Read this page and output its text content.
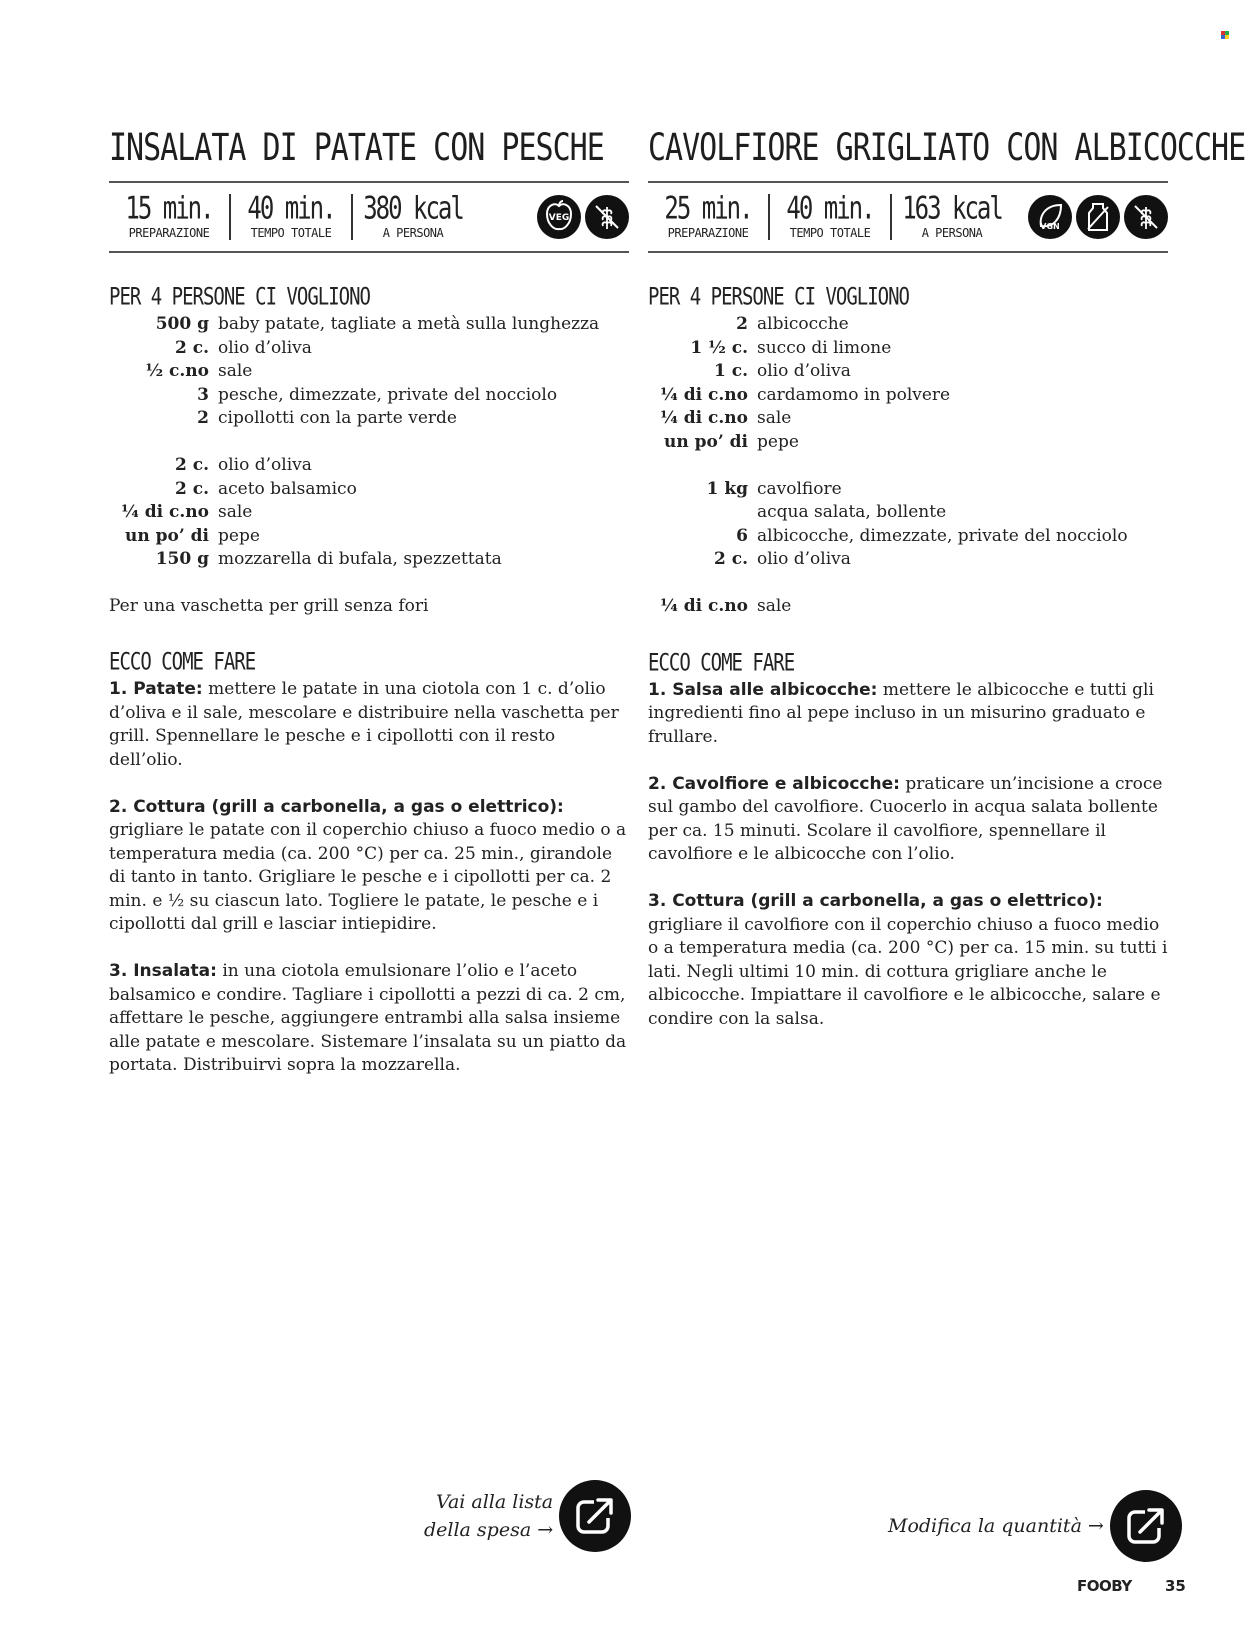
INSALATA DI PATATE CON PESCHE
15 min.
PREPARAZIONE
40 min.
TEMPO TOTALE
380 kcal
A PERSONA
VEG
PER 4 PERSONE CI VOGLIONO
500 g baby patate, tagliate a metà sulla lunghezza
2 c. olio d’oliva
½ c.no sale
3 pesche, dimezzate, private del nocciolo
2 cipollotti con la parte verde
2 c. olio d’oliva
2 c. aceto balsamico
¼ di c.no sale
un po’ di pepe
150 g mozzarella di bufala, spezzettata
Per una vaschetta per grill senza fori
ECCO COME FARE

1. Patate: mettere le patate in una ciotola con 1 c. d’olio d’oliva e il sale, mescolare e distribuire nella vaschetta per grill. Spennellare le pesche e i cipollotti con il resto dell’olio.

2. Cottura (grill a carbonella, a gas o elettrico): grigliare le patate con il coperchio chiuso a fuoco medio o a temperatura media (ca. 200 °C) per ca. 25 min., girandole di tanto in tanto. Grigliare le pesche e i cipollotti per ca. 2 min. e ½ su ciascun lato. Togliere le patate, le pesche e i cipollotti dal grill e lasciar intiepidire.

3. Insalata: in una ciotola emulsionare l’olio e l’aceto balsamico e condire. Tagliare i cipollotti a pezzi di ca. 2 cm, affettare le pesche, aggiungere entrambi alla salsa insieme alle patate e mescolare. Sistemare l’insalata su un piatto da portata. Distribuirvi sopra la mozzarella.

CAVOLFIORE GRIGLIATO CON ALBICOCCHE
25 min.
PREPARAZIONE
40 min.
TEMPO TOTALE
163 kcal
A PERSONA	VGN
PER 4 PERSONE CI VOGLIONO
2 albicocche
1 ½ c. succo di limone
1 c. olio d’oliva
¼ di c.no cardamomo in polvere
¼ di c.no sale
un po’ di pepe
1 kg cavolfiore
acqua salata, bollente
6 albicocche, dimezzate, private del nocciolo
2 c. olio d’oliva
¼ di c.no sale
ECCO COME FARE

1. Salsa alle albicocche: mettere le albicocche e tutti gli ingredienti fino al pepe incluso in un misurino graduato e frullare.

2. Cavolfiore e albicocche: praticare un’incisione a croce sul gambo del cavolfiore. Cuocerlo in acqua salata bollente per ca. 15 minuti. Scolare il cavolfiore, spennellare il cavolfiore e le albicocche con l’olio.

3. Cottura (grill a carbonella, a gas o elettrico): grigliare il cavolfiore con il coperchio chiuso a fuoco medio o a temperatura media (ca. 200 °C) per ca. 15 min. su tutti i lati. Negli ultimi 10 min. di cottura grigliare anche le albicocche. Impiattare il cavolfiore e le albicocche, salare e condire con la salsa.

Vai alla lista
della spesa →	Modifica la quantità →
FOOBY 35
